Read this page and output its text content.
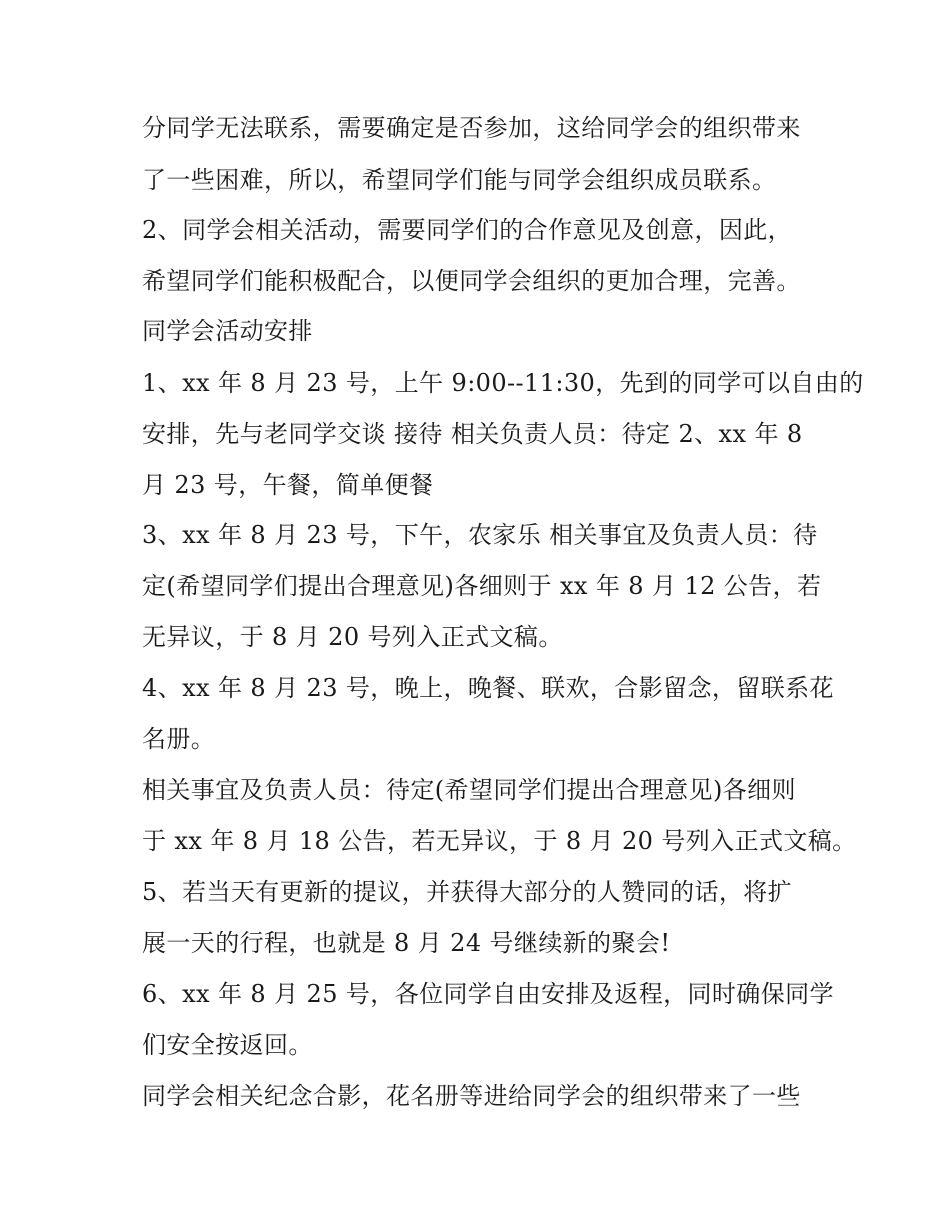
分同学无法联系，需要确定是否参加，这给同学会的组织带来

了一些困难，所以，希望同学们能与同学会组织成员联系。

2、同学会相关活动，需要同学们的合作意见及创意，因此，

希望同学们能积极配合，以便同学会组织的更加合理，完善。

同学会活动安排

1、xx 年 8 月 23 号，上午 9:00--11:30，先到的同学可以自由的

安排，先与老同学交谈 接待 相关负责人员：待定 2、xx 年 8

月 23 号，午餐，简单便餐

3、xx 年 8 月 23 号，下午，农家乐 相关事宜及负责人员：待

定(希望同学们提出合理意见)各细则于 xx 年 8 月 12 公告，若

无异议，于 8 月 20 号列入正式文稿。

4、xx 年 8 月 23 号，晚上，晚餐、联欢，合影留念，留联系花

名册。

相关事宜及负责人员：待定(希望同学们提出合理意见)各细则

于 xx 年 8 月 18 公告，若无异议，于 8 月 20 号列入正式文稿。

5、若当天有更新的提议，并获得大部分的人赞同的话，将扩

展一天的行程，也就是 8 月 24 号继续新的聚会!

6、xx 年 8 月 25 号，各位同学自由安排及返程，同时确保同学

们安全按返回。

同学会相关纪念合影，花名册等进给同学会的组织带来了一些
